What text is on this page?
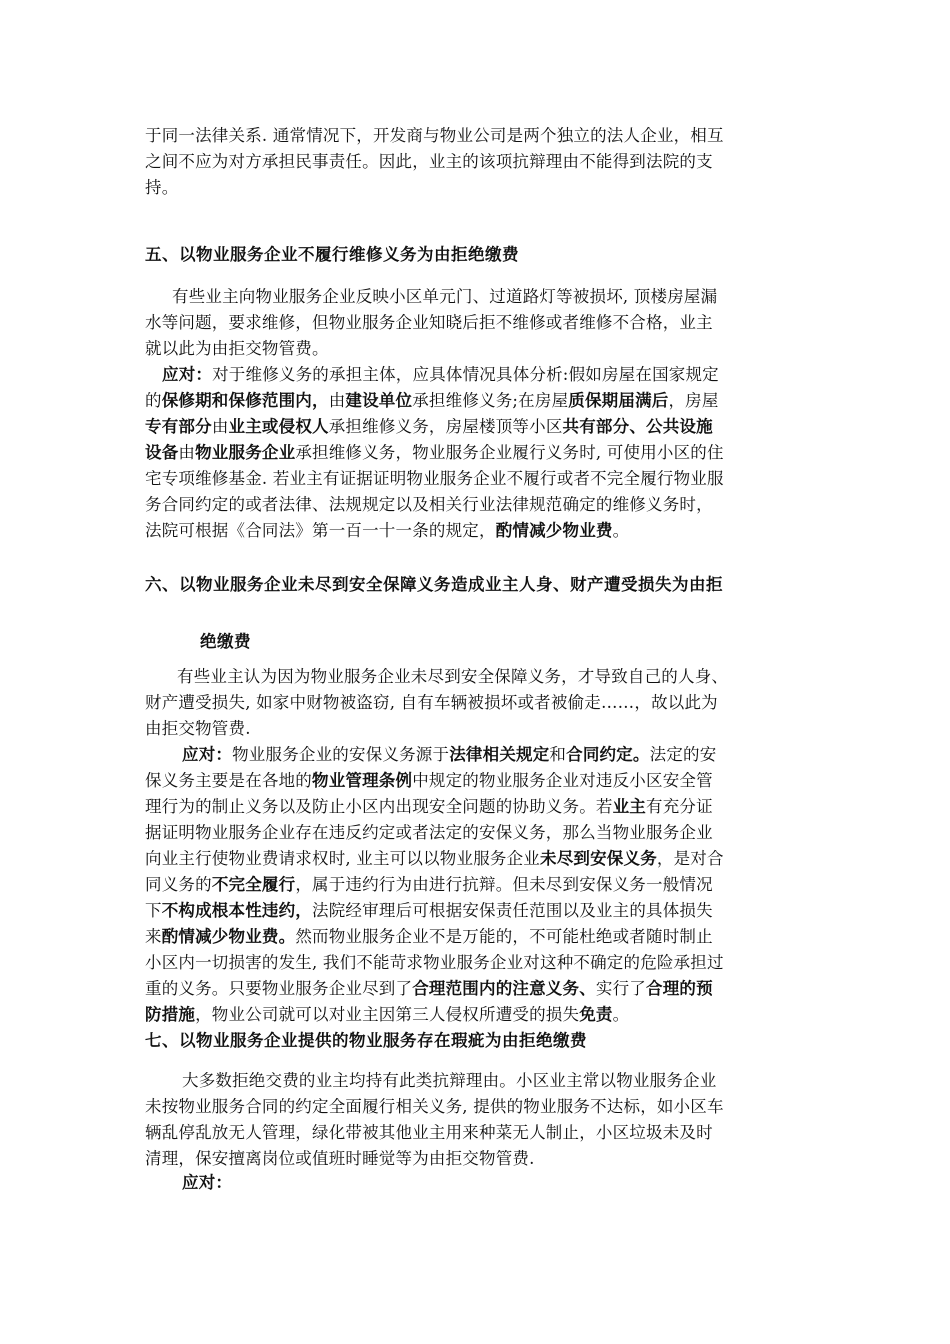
于同一法律关系. 通常情况下，开发商与物业公司是两个独立的法人企业，相互
之间不应为对方承担民事责任。因此，业主的该项抗辩理由不能得到法院的支
持。
五、以物业服务企业不履行维修义务为由拒绝缴费
有些业主向物业服务企业反映小区单元门、过道路灯等被损坏, 顶楼房屋漏
水等问题，要求维修，但物业服务企业知晓后拒不维修或者维修不合格，业主
就以此为由拒交物管费。
应对：对于维修义务的承担主体，应具体情况具体分析:假如房屋在国家规定
的保修期和保修范围内，由建设单位承担维修义务;在房屋质保期届满后，房屋
专有部分由业主或侵权人承担维修义务，房屋楼顶等小区共有部分、公共设施
设备由物业服务企业承担维修义务，物业服务企业履行义务时, 可使用小区的住
宅专项维修基金. 若业主有证据证明物业服务企业不履行或者不完全履行物业服
务合同约定的或者法律、法规规定以及相关行业法律规范确定的维修义务时，
法院可根据《合同法》第一百一十一条的规定，酌情减少物业费。
六、以物业服务企业未尽到安全保障义务造成业主人身、财产遭受损失为由拒
绝缴费
有些业主认为因为物业服务企业未尽到安全保障义务，才导致自己的人身、
财产遭受损失, 如家中财物被盗窃, 自有车辆被损坏或者被偷走……，故以此为
由拒交物管费.
应对：物业服务企业的安保义务源于法律相关规定和合同约定。法定的安
保义务主要是在各地的物业管理条例中规定的物业服务企业对违反小区安全管
理行为的制止义务以及防止小区内出现安全问题的协助义务。若业主有充分证
据证明物业服务企业存在违反约定或者法定的安保义务，那么当物业服务企业
向业主行使物业费请求权时, 业主可以以物业服务企业未尽到安保义务，是对合
同义务的不完全履行，属于违约行为由进行抗辩。但未尽到安保义务一般情况
下不构成根本性违约，法院经审理后可根据安保责任范围以及业主的具体损失
来酌情减少物业费。然而物业服务企业不是万能的，不可能杜绝或者随时制止
小区内一切损害的发生, 我们不能苛求物业服务企业对这种不确定的危险承担过
重的义务。只要物业服务企业尽到了合理范围内的注意义务、实行了合理的预
防措施，物业公司就可以对业主因第三人侵权所遭受的损失免责。
七、以物业服务企业提供的物业服务存在瑕疵为由拒绝缴费
大多数拒绝交费的业主均持有此类抗辩理由。小区业主常以物业服务企业
未按物业服务合同的约定全面履行相关义务, 提供的物业服务不达标，如小区车
辆乱停乱放无人管理，绿化带被其他业主用来种菜无人制止，小区垃圾未及时
清理，保安擅离岗位或值班时睡觉等为由拒交物管费.
应对：
